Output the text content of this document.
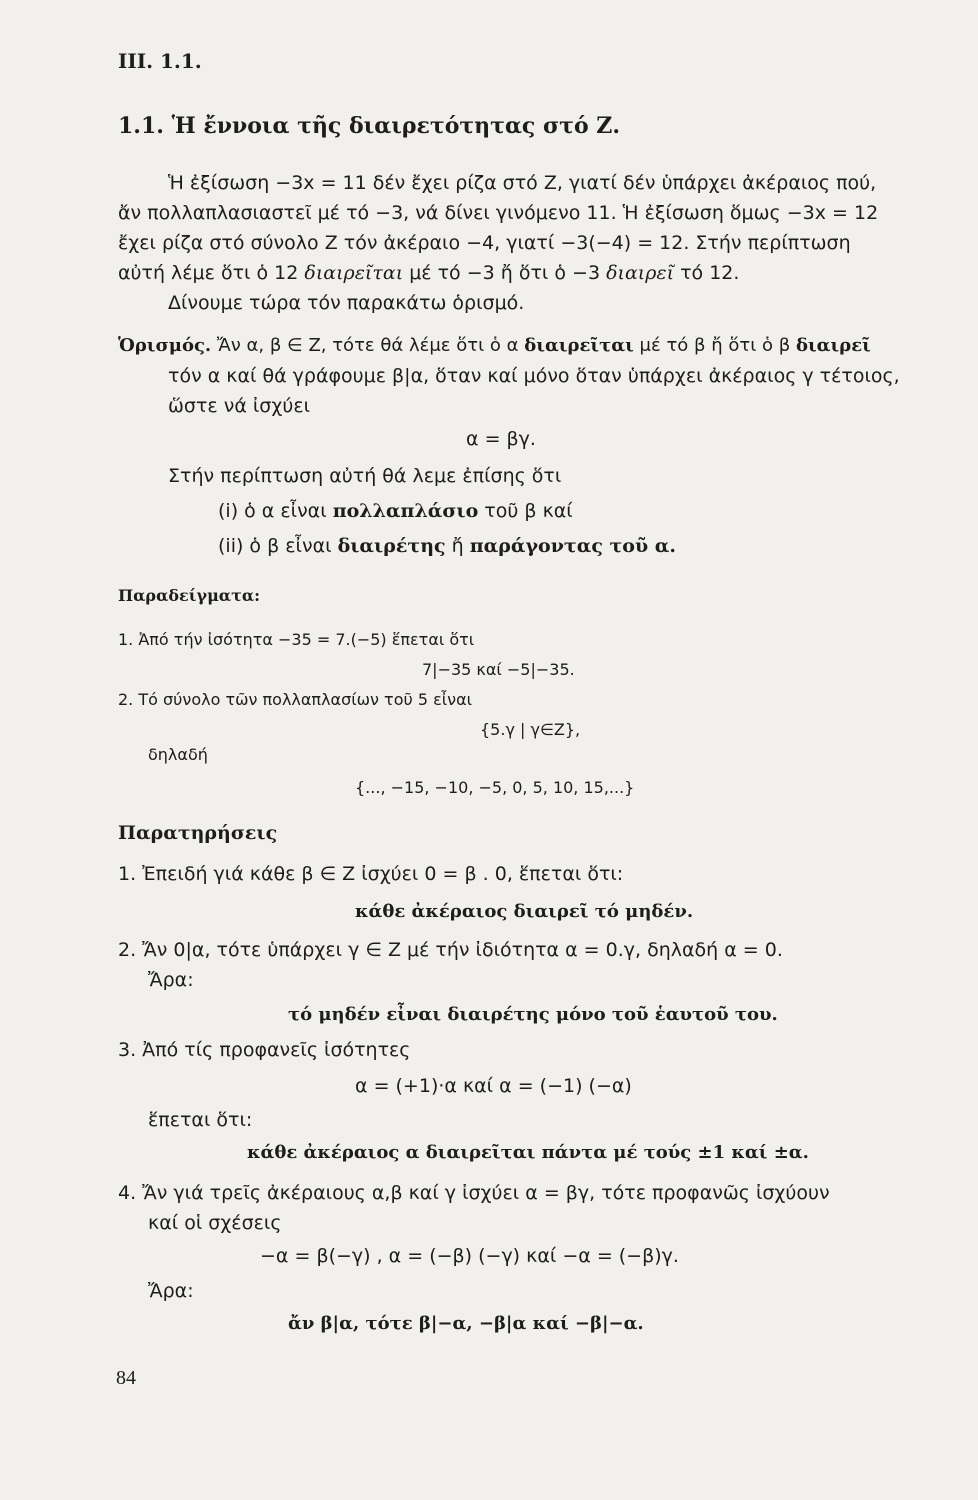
III. 1.1.
1.1. Ἡ ἔννοια τῆς διαιρετότητας στό Ζ.
Ἡ ἐξίσωση −3x = 11 δέν ἔχει ρίζα στό Ζ, γιατί δέν ὑπάρχει ἀκέραιος πού,
ἄν πολλαπλασιαστεῖ μέ τό −3, νά δίνει γινόμενο 11. Ἡ ἐξίσωση ὅμως −3x = 12
ἔχει ρίζα στό σύνολο Ζ τόν ἀκέραιο −4, γιατί −3(−4) = 12. Στήν περίπτωση
αὐτή λέμε ὅτι ὁ 12 διαιρεῖται μέ τό −3 ἤ ὅτι ὁ −3 διαιρεῖ τό 12.
Δίνουμε τώρα τόν παρακάτω ὁρισμό.
Ὁρισμός. Ἄν α, β ∈ Ζ, τότε θά λέμε ὅτι ὁ α διαιρεῖται μέ τό β ἤ ὅτι ὁ β διαιρεῖ
τόν α καί θά γράφουμε β|α, ὅταν καί μόνο ὅταν ὑπάρχει ἀκέραιος γ τέτοιος,
ὥστε νά ἰσχύει
α = βγ.
Στήν περίπτωση αὐτή θά λεμε ἐπίσης ὅτι
(i) ὁ α εἶναι πολλαπλάσιο τοῦ β καί
(ii) ὁ β εἶναι διαιρέτης ἤ παράγοντας τοῦ α.
Παραδείγματα:
1. Ἀπό τήν ἰσότητα −35 = 7.(−5) ἕπεται ὅτι
7|−35 καί −5|−35.
2. Τό σύνολο τῶν πολλαπλασίων τοῦ 5 εἶναι
{5.γ | γ∈Ζ},
δηλαδή
{..., −15, −10, −5, 0, 5, 10, 15,...}
Παρατηρήσεις
1. Ἐπειδή γιά κάθε β ∈ Ζ ἰσχύει 0 = β . 0, ἕπεται ὅτι:
κάθε ἀκέραιος διαιρεῖ τό μηδέν.
2. Ἄν 0|α, τότε ὑπάρχει γ ∈ Ζ μέ τήν ἰδιότητα α = 0.γ, δηλαδή α = 0.
Ἄρα:
τό μηδέν εἶναι διαιρέτης μόνο τοῦ ἑαυτοῦ του.
3. Ἀπό τίς προφανεῖς ἰσότητες
α = (+1)·α καί α = (−1) (−α)
ἕπεται ὅτι:
κάθε ἀκέραιος α διαιρεῖται πάντα μέ τούς ±1 καί ±α.
4. Ἄν γιά τρεῖς ἀκέραιους α,β καί γ ἰσχύει α = βγ, τότε προφανῶς ἰσχύουν
καί οἱ σχέσεις
−α = β(−γ) , α = (−β) (−γ) καί −α = (−β)γ.
Ἄρα:
ἄν β|α, τότε β|−α, −β|α καί −β|−α.
84
